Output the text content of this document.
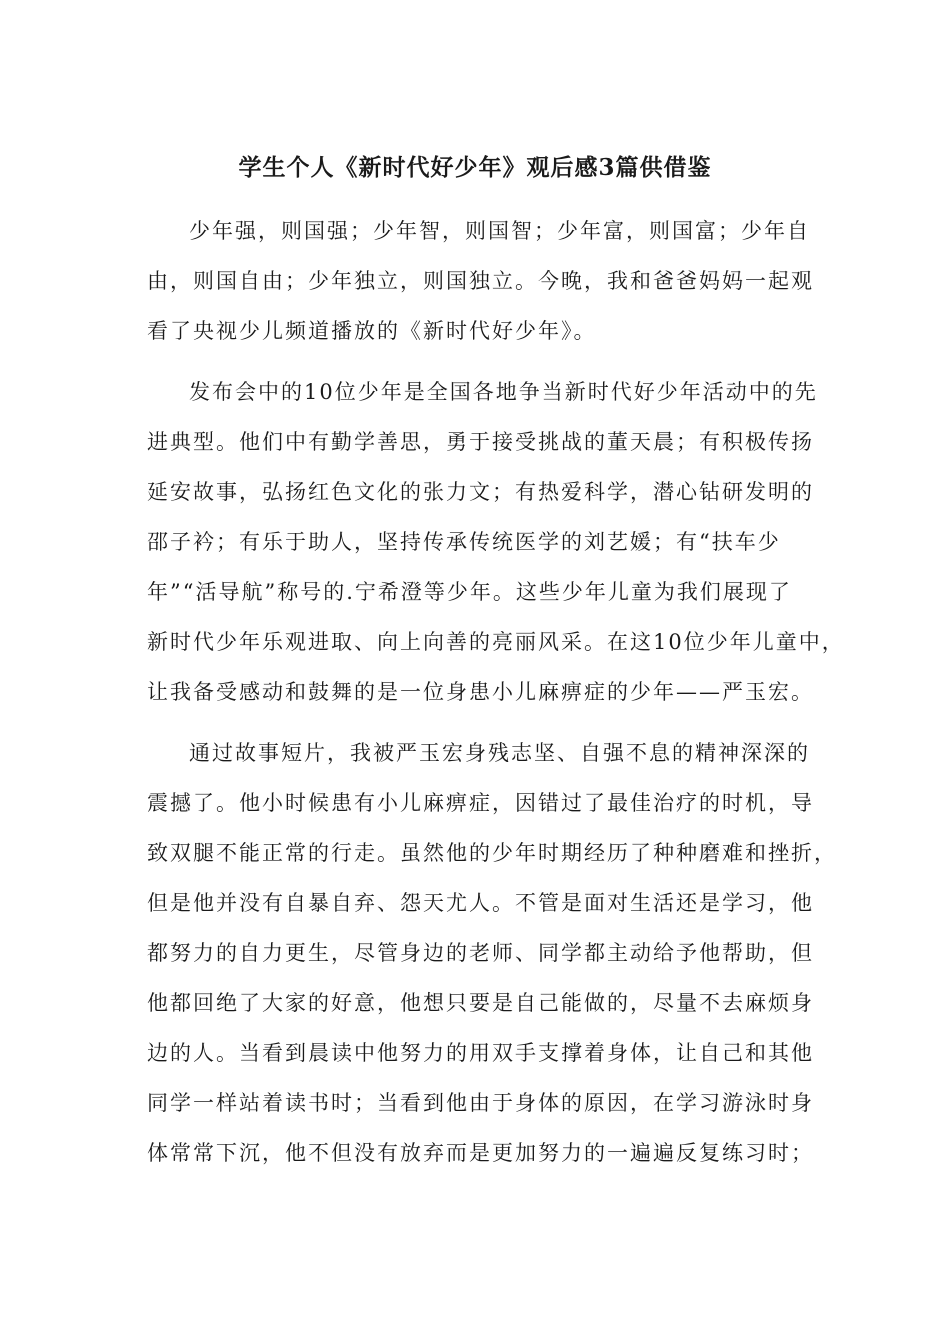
学生个人《新时代好少年》观后感3篇供借鉴
少年强，则国强；少年智，则国智；少年富，则国富；少年自
由，则国自由；少年独立，则国独立。今晚，我和爸爸妈妈一起观
看了央视少儿频道播放的《新时代好少年》。
发布会中的10位少年是全国各地争当新时代好少年活动中的先
进典型。他们中有勤学善思，勇于接受挑战的董天晨；有积极传扬
延安故事，弘扬红色文化的张力文；有热爱科学，潜心钻研发明的
邵子衿；有乐于助人，坚持传承传统医学的刘艺媛；有“扶车少
年”“活导航”称号的.宁希澄等少年。这些少年儿童为我们展现了
新时代少年乐观进取、向上向善的亮丽风采。在这10位少年儿童中，
让我备受感动和鼓舞的是一位身患小儿麻痹症的少年——严玉宏。
通过故事短片，我被严玉宏身残志坚、自强不息的精神深深的
震撼了。他小时候患有小儿麻痹症，因错过了最佳治疗的时机，导
致双腿不能正常的行走。虽然他的少年时期经历了种种磨难和挫折，
但是他并没有自暴自弃、怨天尤人。不管是面对生活还是学习，他
都努力的自力更生，尽管身边的老师、同学都主动给予他帮助，但
他都回绝了大家的好意，他想只要是自己能做的，尽量不去麻烦身
边的人。当看到晨读中他努力的用双手支撑着身体，让自己和其他
同学一样站着读书时；当看到他由于身体的原因，在学习游泳时身
体常常下沉，他不但没有放弃而是更加努力的一遍遍反复练习时；
